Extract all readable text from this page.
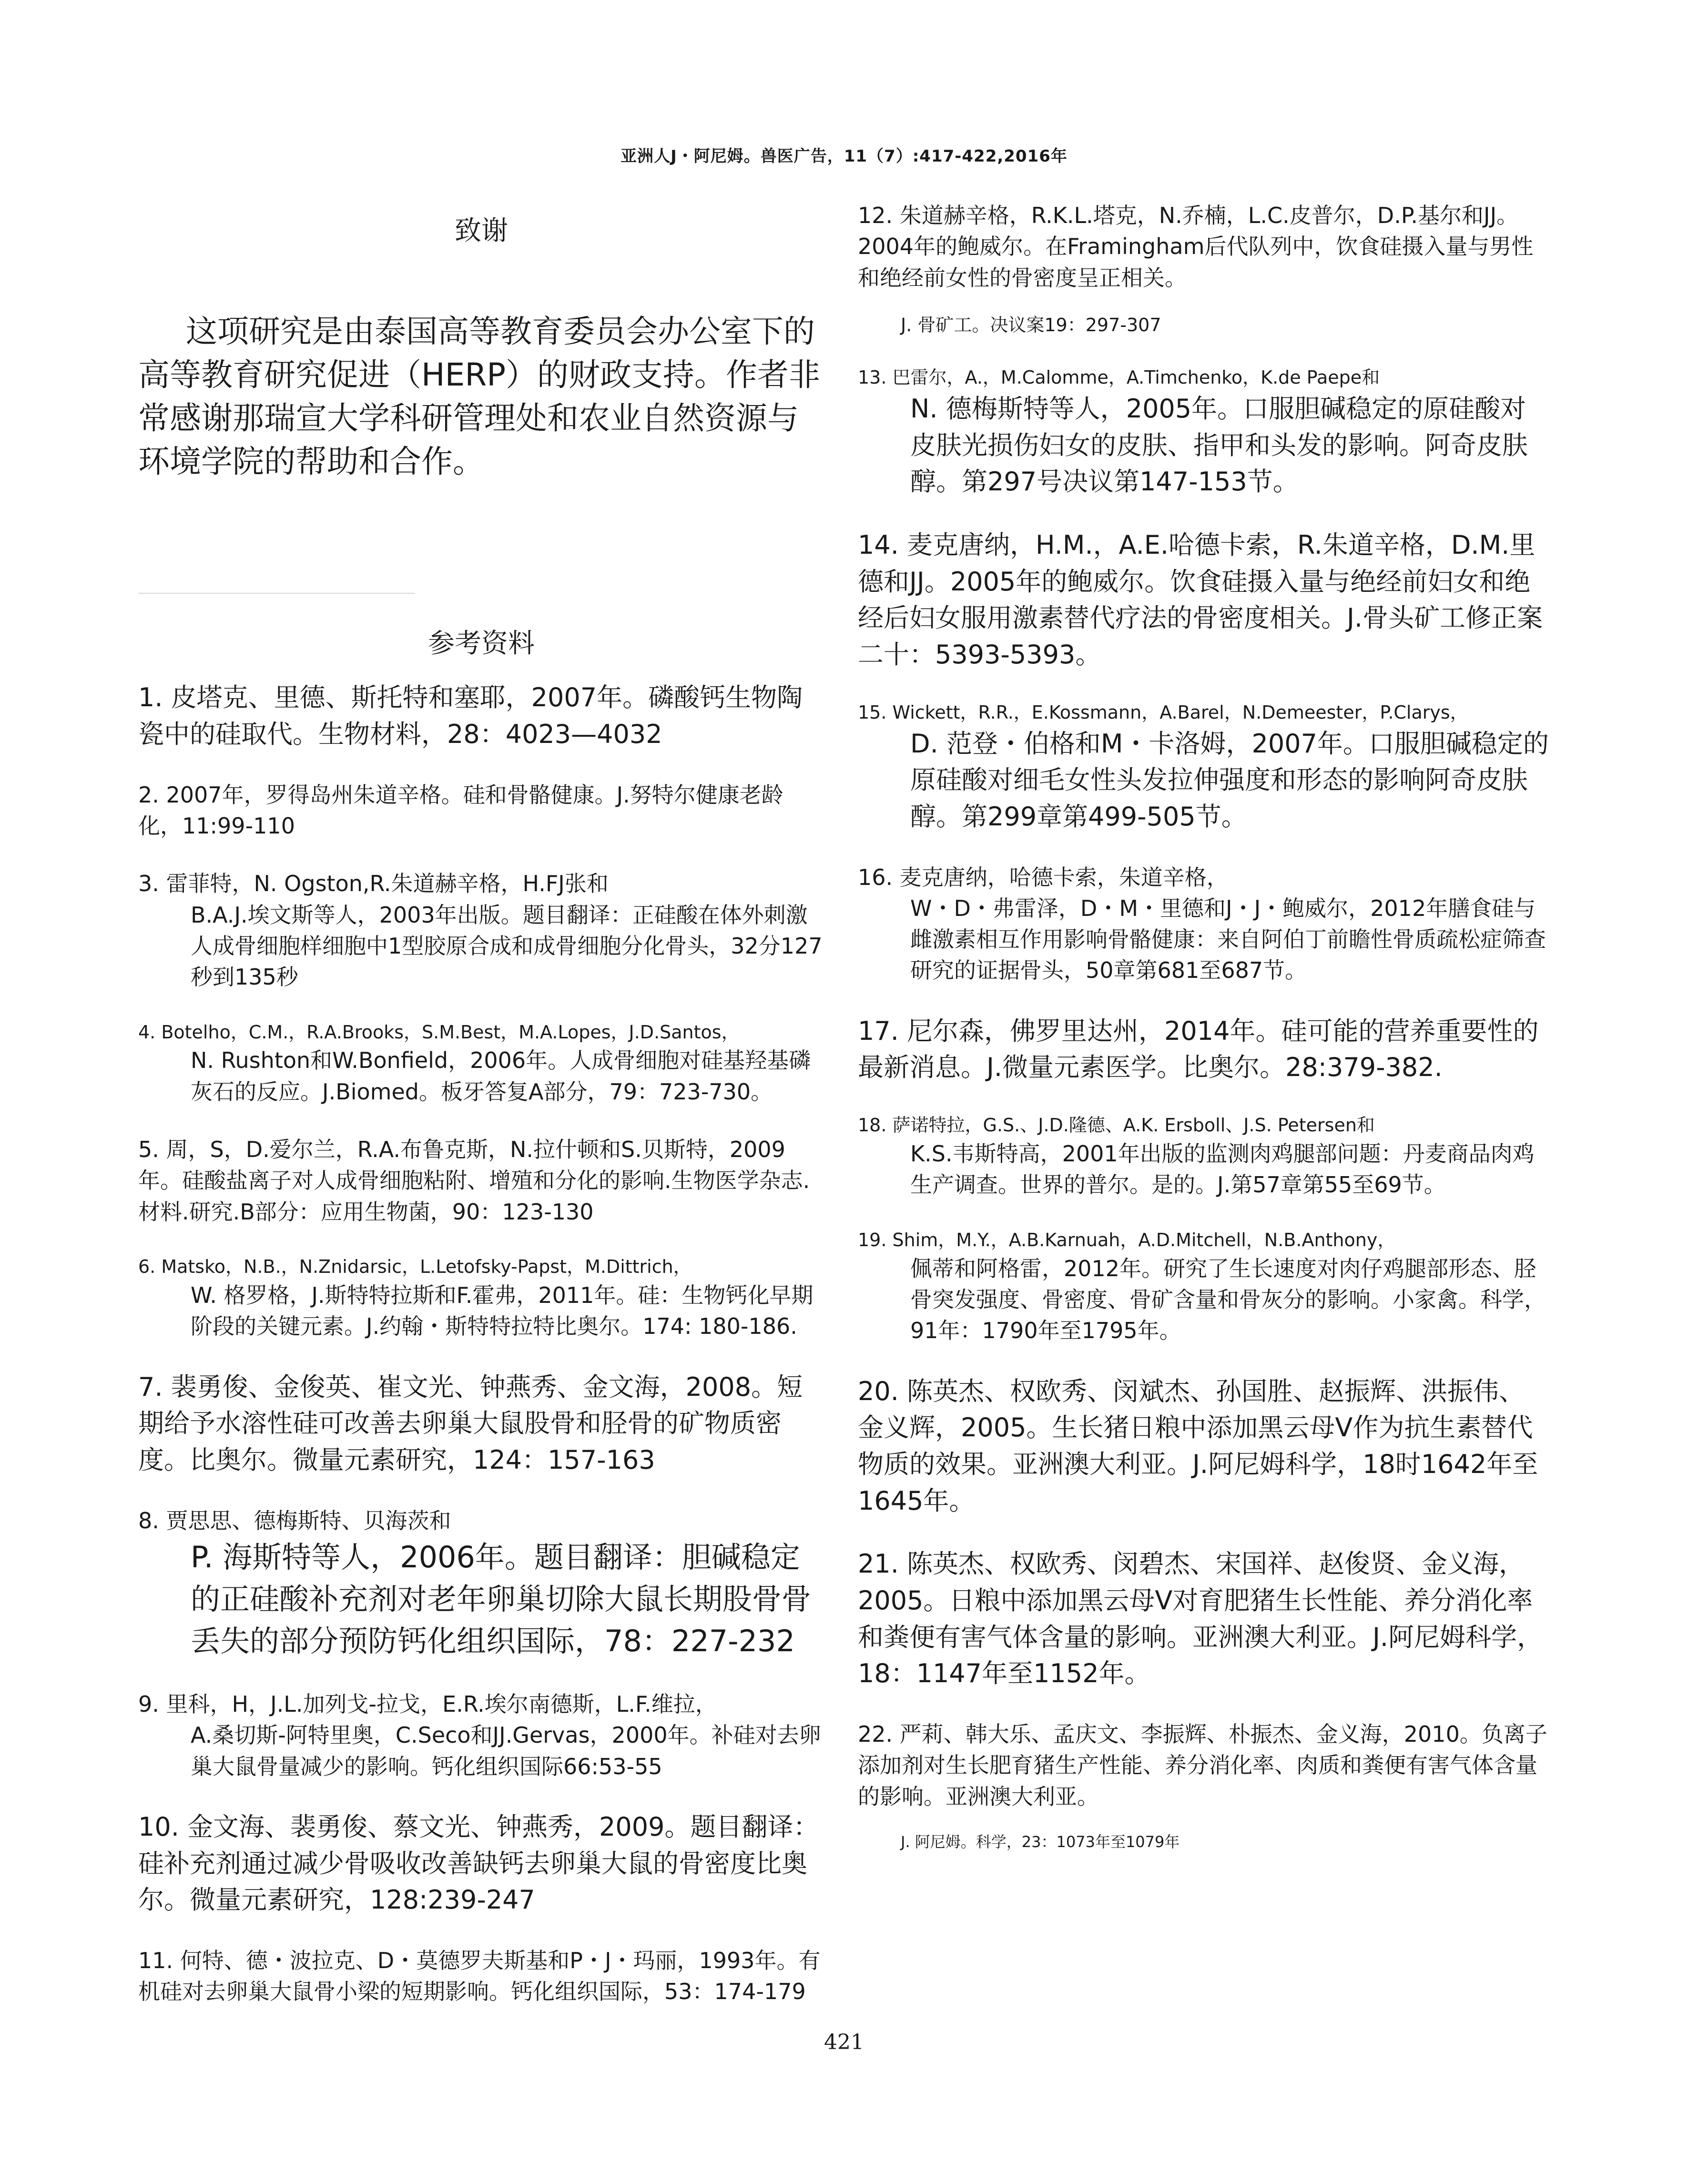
亚洲人J・阿尼姆。兽医广告，11（7）:417-422,2016年
致谢

这项研究是由泰国高等教育委员会办公室下的高等教育研究促进（HERP）的财政支持。作者非常感谢那瑞宣大学科研管理处和农业自然资源与环境学院的帮助和合作。

参考资料
1. 皮塔克、里德、斯托特和塞耶，2007年。磷酸钙生物陶瓷中的硅取代。生物材料，28：4023—4032
2. 2007年，罗得岛州朱道辛格。硅和骨骼健康。J.努特尔健康老龄化，11:99-110
3. 雷菲特，N. Ogston,R.朱道赫辛格，H.FJ张和
B.A.J.埃文斯等人，2003年出版。题目翻译：正硅酸在体外刺激人成骨细胞样细胞中1型胶原合成和成骨细胞分化骨头，32分127秒到135秒
4. Botelho，C.M.，R.A.Brooks，S.M.Best，M.A.Lopes，J.D.Santos，
N. Rushton和W.Bonfield，2006年。人成骨细胞对硅基羟基磷灰石的反应。J.Biomed。板牙答复A部分，79：723-730。
5. 周，S，D.爱尔兰，R.A.布鲁克斯，N.拉什顿和S.贝斯特，2009年。硅酸盐离子对人成骨细胞粘附、增殖和分化的影响.生物医学杂志.材料.研究.B部分：应用生物菌，90：123-130
6. Matsko，N.B.，N.Znidarsic，L.Letofsky-Papst，M.Dittrich，
W. 格罗格，J.斯特特拉斯和F.霍弗，2011年。硅：生物钙化早期阶段的关键元素。J.约翰・斯特特拉特比奥尔。174: 180-186.
7. 裴勇俊、金俊英、崔文光、钟燕秀、金文海，2008。短期给予水溶性硅可改善去卵巢大鼠股骨和胫骨的矿物质密度。比奥尔。微量元素研究，124：157-163
8. 贾思思、德梅斯特、贝海茨和
P. 海斯特等人，2006年。题目翻译：胆碱稳定的正硅酸补充剂对老年卵巢切除大鼠长期股骨骨丢失的部分预防钙化组织国际，78：227-232
9. 里科，H，J.L.加列戈-拉戈，E.R.埃尔南德斯，L.F.维拉，
A.桑切斯-阿特里奥，C.Seco和JJ.Gervas，2000年。补硅对去卵巢大鼠骨量减少的影响。钙化组织国际66:53-55
10. 金文海、裴勇俊、蔡文光、钟燕秀，2009。题目翻译：硅补充剂通过减少骨吸收改善缺钙去卵巢大鼠的骨密度比奥尔。微量元素研究，128:239-247
11. 何特、德・波拉克、D・莫德罗夫斯基和P・J・玛丽，1993年。有机硅对去卵巢大鼠骨小梁的短期影响。钙化组织国际，53：174-179
12. 朱道赫辛格，R.K.L.塔克，N.乔楠，L.C.皮普尔，D.P.基尔和JJ。2004年的鲍威尔。在Framingham后代队列中，饮食硅摄入量与男性和绝经前女性的骨密度呈正相关。
J. 骨矿工。决议案19：297-307
13. 巴雷尔，A.，M.Calomme，A.Timchenko，K.de Paepe和
N. 德梅斯特等人，2005年。口服胆碱稳定的原硅酸对皮肤光损伤妇女的皮肤、指甲和头发的影响。阿奇皮肤醇。第297号决议第147-153节。
14. 麦克唐纳，H.M.，A.E.哈德卡索，R.朱道辛格，D.M.里德和JJ。2005年的鲍威尔。饮食硅摄入量与绝经前妇女和绝经后妇女服用激素替代疗法的骨密度相关。J.骨头矿工修正案二十：5393-5393。
15. Wickett，R.R.，E.Kossmann，A.Barel，N.Demeester，P.Clarys，
D. 范登・伯格和M・卡洛姆，2007年。口服胆碱稳定的原硅酸对细毛女性头发拉伸强度和形态的影响阿奇皮肤醇。第299章第499-505节。
16. 麦克唐纳，哈德卡索，朱道辛格，
W・D・弗雷泽，D・M・里德和J・J・鲍威尔，2012年膳食硅与雌激素相互作用影响骨骼健康：来自阿伯丁前瞻性骨质疏松症筛查研究的证据骨头，50章第681至687节。
17. 尼尔森，佛罗里达州，2014年。硅可能的营养重要性的最新消息。J.微量元素医学。比奥尔。28:379-382.
18. 萨诺特拉，G.S.、J.D.隆德、A.K. Ersboll、J.S. Petersen和
K.S.韦斯特高，2001年出版的监测肉鸡腿部问题：丹麦商品肉鸡生产调查。世界的普尔。是的。J.第57章第55至69节。
19. Shim，M.Y.，A.B.Karnuah，A.D.Mitchell，N.B.Anthony，
佩蒂和阿格雷，2012年。研究了生长速度对肉仔鸡腿部形态、胫骨突发强度、骨密度、骨矿含量和骨灰分的影响。小家禽。科学，91年：1790年至1795年。
20. 陈英杰、权欧秀、闵斌杰、孙国胜、赵振辉、洪振伟、金义辉，2005。生长猪日粮中添加黑云母V作为抗生素替代物质的效果。亚洲澳大利亚。J.阿尼姆科学，18时1642年至1645年。
21. 陈英杰、权欧秀、闵碧杰、宋国祥、赵俊贤、金义海，2005。日粮中添加黑云母V对育肥猪生长性能、养分消化率和粪便有害气体含量的影响。亚洲澳大利亚。J.阿尼姆科学，18：1147年至1152年。
22. 严莉、韩大乐、孟庆文、李振辉、朴振杰、金义海，2010。负离子添加剂对生长肥育猪生产性能、养分消化率、肉质和粪便有害气体含量的影响。亚洲澳大利亚。
J. 阿尼姆。科学，23：1073年至1079年
421
